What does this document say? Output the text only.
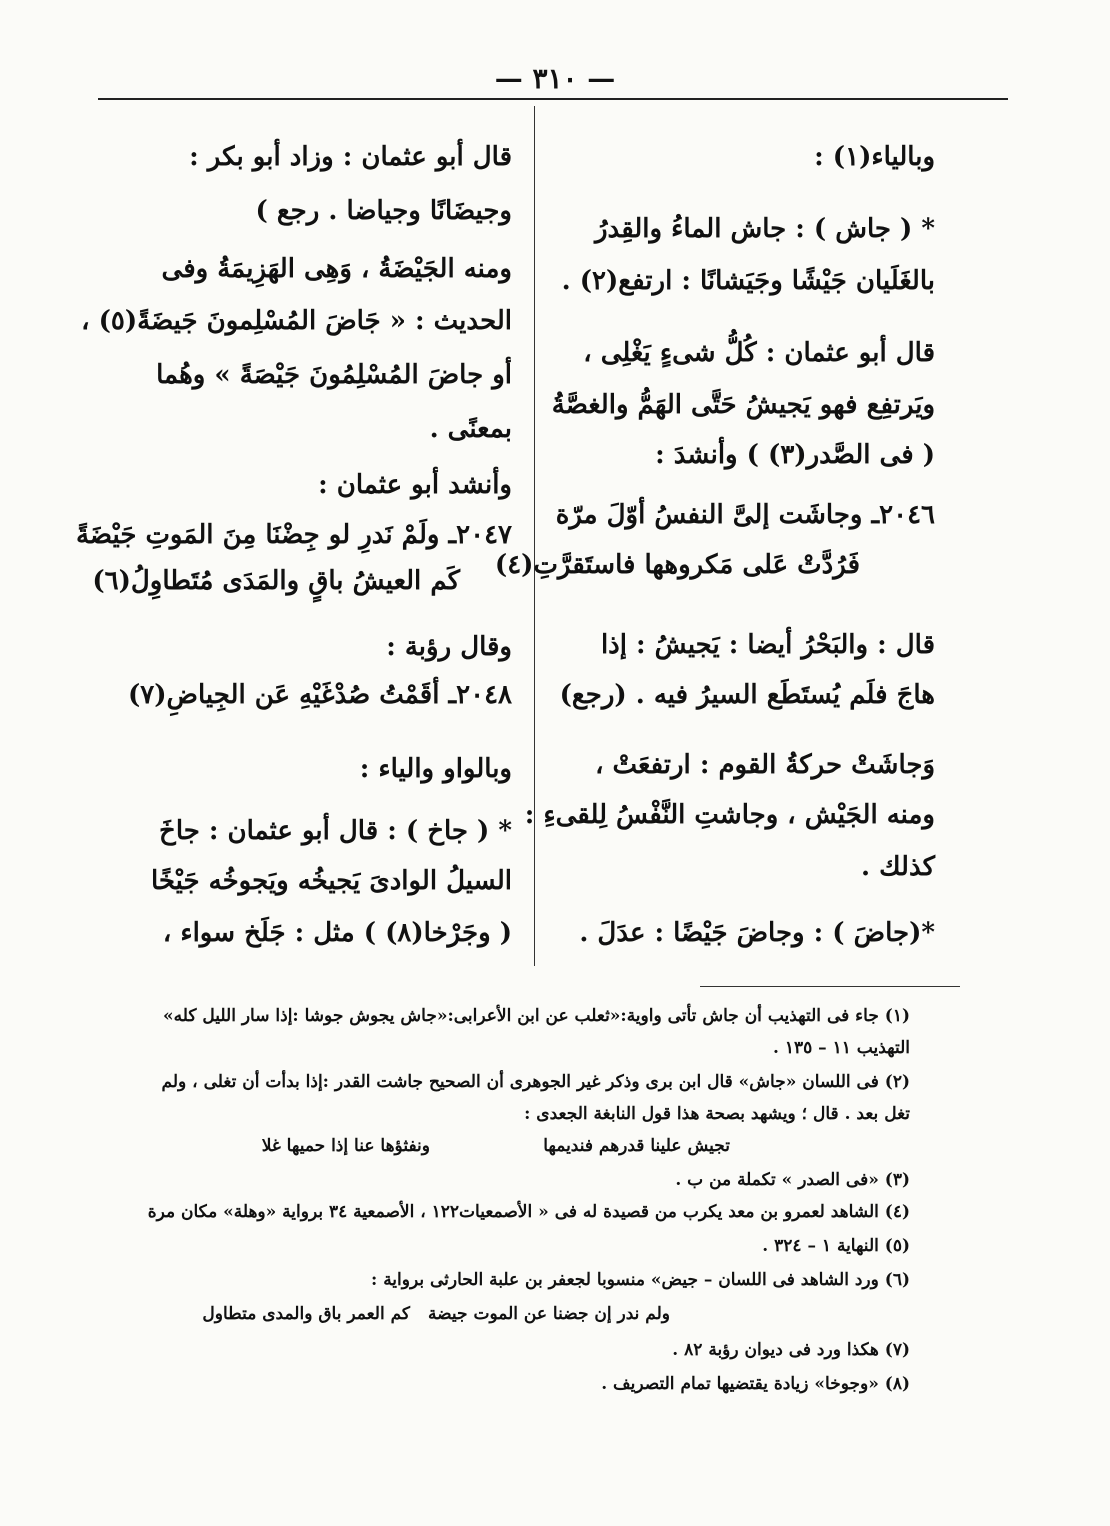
— ٣١٠ —
وباليا‌ء(١) :
* ( جاش ) : جاش الماءُ والقِدرُ
بالغَلَيان جَيْشًا وجَيَشانًا : ارتفع(٢) .
قال أبو عثمان : كُلُّ شىءٍ يَغْلِى ،
ويَرتفِع فهو يَجيشُ حَتَّى الهَمُّ والغصَّةُ
( فى الصَّدر(٣) ) وأنشدَ :
٢٠٤٦ـ وجاشَت إلىَّ النفسُ أوّلَ مرّة
فَرُدَّتْ عَلى مَكروهها فاستَقرَّتِ(٤)
قال : والبَحْرُ أيضا : يَجيشُ : إذا
هاجَ فلَم يُستَطَع السيرُ فيه . (رجع)
وَجاشَتْ حركةُ القوم : ارتفعَتْ ،
ومنه الجَيْش ، وجاشتِ النَّفْسُ لِلقىءِ :
كذلك .
*(جاضَ ) : وجاضَ جَيْضًا : عدَلَ .
قال أبو عثمان : وزاد أبو بكر :
وجيضَانًا وجياضا . رجع )
ومنه الجَيْضَةُ ، وَهِى الهَزِيمَةُ وفى
الحديث : « جَاضَ المُسْلِمونَ جَيضَةً(٥) ،
أو جاضَ المُسْلِمُونَ جَيْصَةً » وهُما
بمعنًى .
وأنشد أبو عثمان :
٢٠٤٧ـ ولَمْ نَدرِ لو جِضْنَا مِنَ المَوتِ جَيْضَةً
كَم العيشُ باقٍ والمَدَى مُتَطاوِلُ(٦)
وقال رؤبة :
٢٠٤٨ـ أقَمْتُ صُدْغَيْهِ عَن الجِياضِ(٧)
وبالواو والياء :
* ( جاخ ) : قال أبو عثمان : جاخَ
السيلُ الوادىَ يَجيخُه ويَجوخُه جَيْخًا
( وجَرْخا(٨) ) مثل : جَلَخ سواء ،
(١) جاء فى التهذيب أن جاش تأتى واوية:«ثعلب عن ابن الأعرابى:«جاش يجوش جوشا :إذا سار الليل كله»
التهذيب ١١ – ١٣٥ .
(٢) فى اللسان «جاش» قال ابن برى وذكر غير الجوهرى أن الصحيح جاشت القدر :إذا بدأت أن تغلى ، ولم
تغل بعد . قال ؛ ويشهد بصحة هذا قول النابغة الجعدى :
تجيش علينا قدرهم فنديمها
ونفثؤها عنا إذا حميها غلا
(٣) «فى الصدر » تكملة من ب .
(٤) الشاهد لعمرو بن معد يكرب من قصيدة له فى « الأصمعيات١٢٢ ، الأصمعية ٣٤ برواية «وهلة» مكان مرة
(٥) النهاية ١ – ٣٢٤ .
(٦) ورد الشاهد فى اللسان – جيض» منسوبا لجعفر بن علبة الحارثى برواية :
ولم ندر إن جضنا عن الموت جيضة
كم العمر باق والمدى متطاول
(٧) هكذا ورد فى ديوان رؤبة ٨٢ .
(٨) «وجوخا» زيادة يقتضيها تمام التصريف .
